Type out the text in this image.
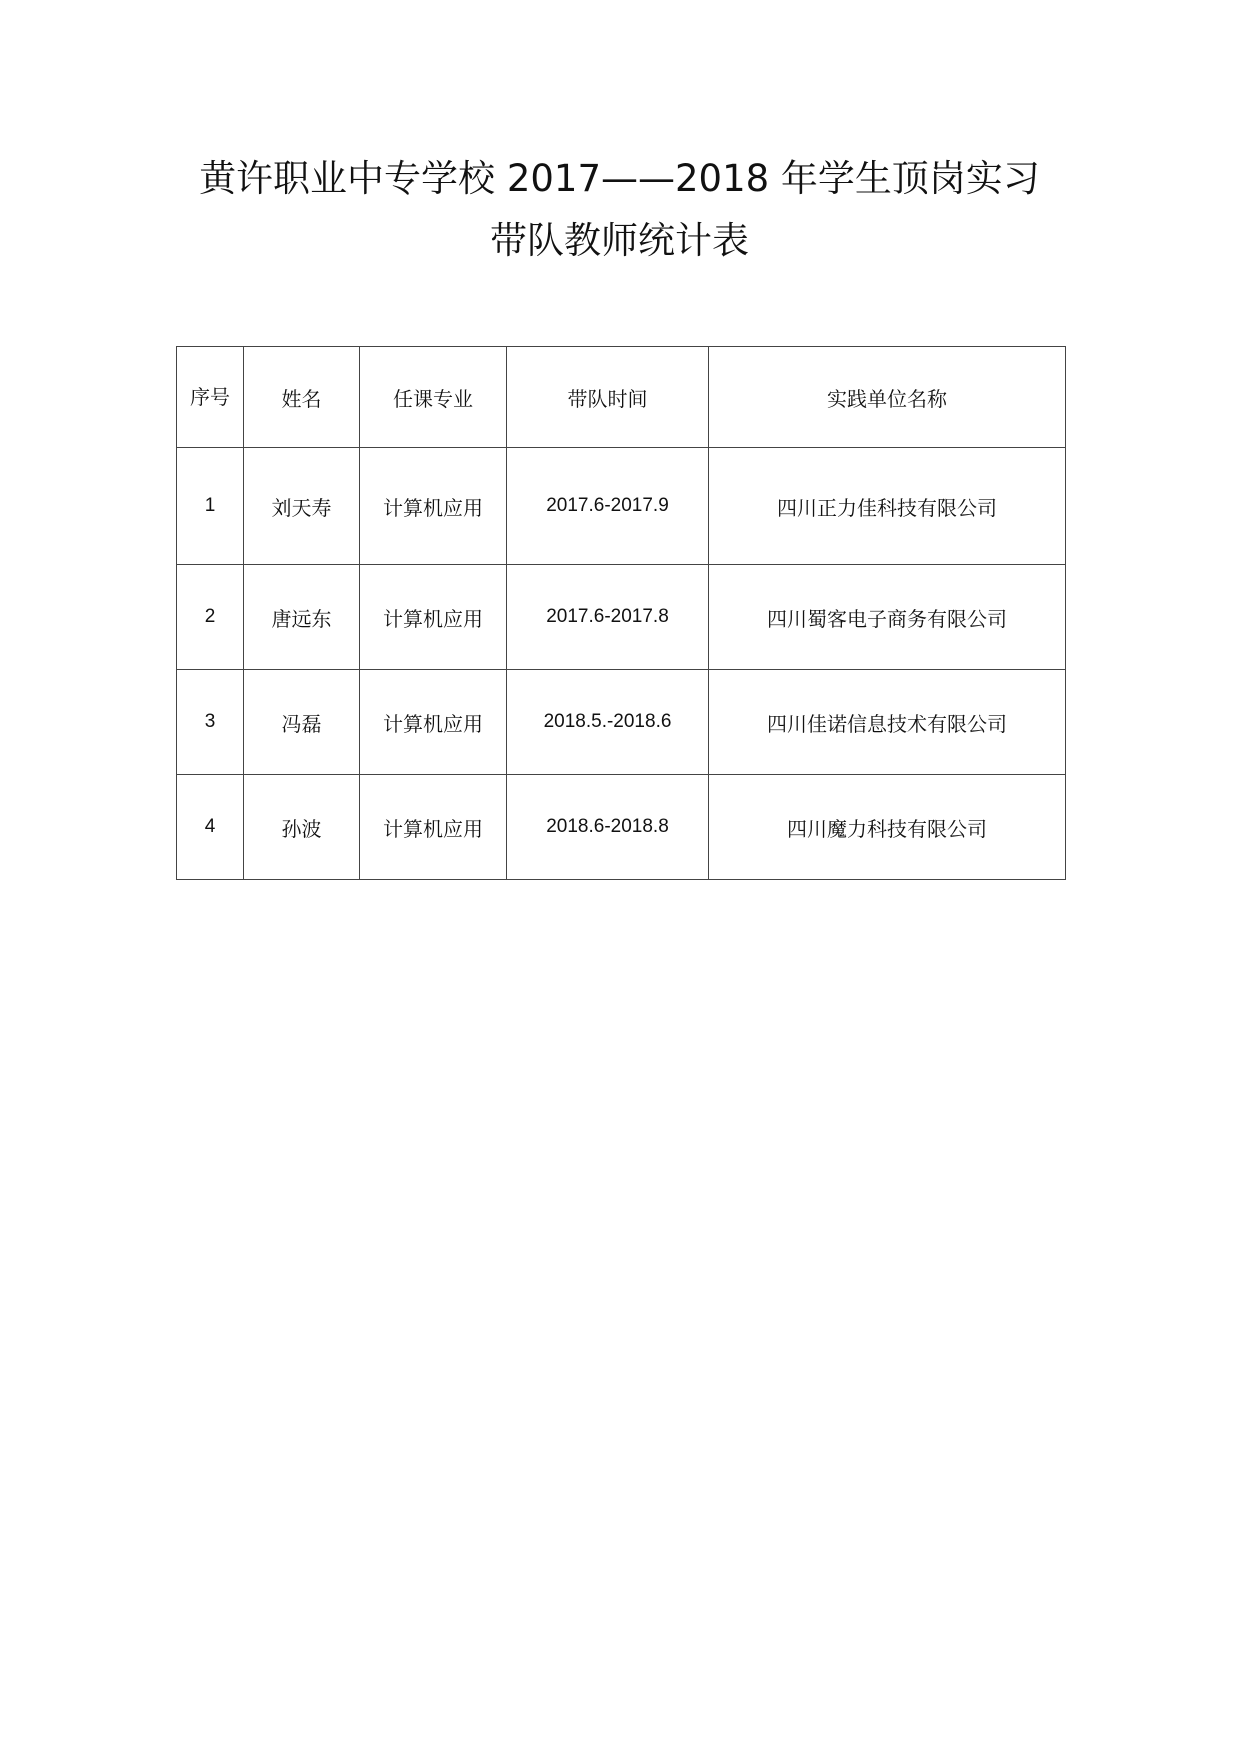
黄许职业中专学校 2017——2018 年学生顶岗实习
带队教师统计表
序号	姓名	任课专业	带队时间	实践单位名称
1	刘天寿	计算机应用	2017.6-2017.9	四川正力佳科技有限公司
2	唐远东	计算机应用	2017.6-2017.8	四川蜀客电子商务有限公司
3	冯磊	计算机应用	2018.5.-2018.6	四川佳诺信息技术有限公司
4	孙波	计算机应用	2018.6-2018.8	四川魔力科技有限公司
